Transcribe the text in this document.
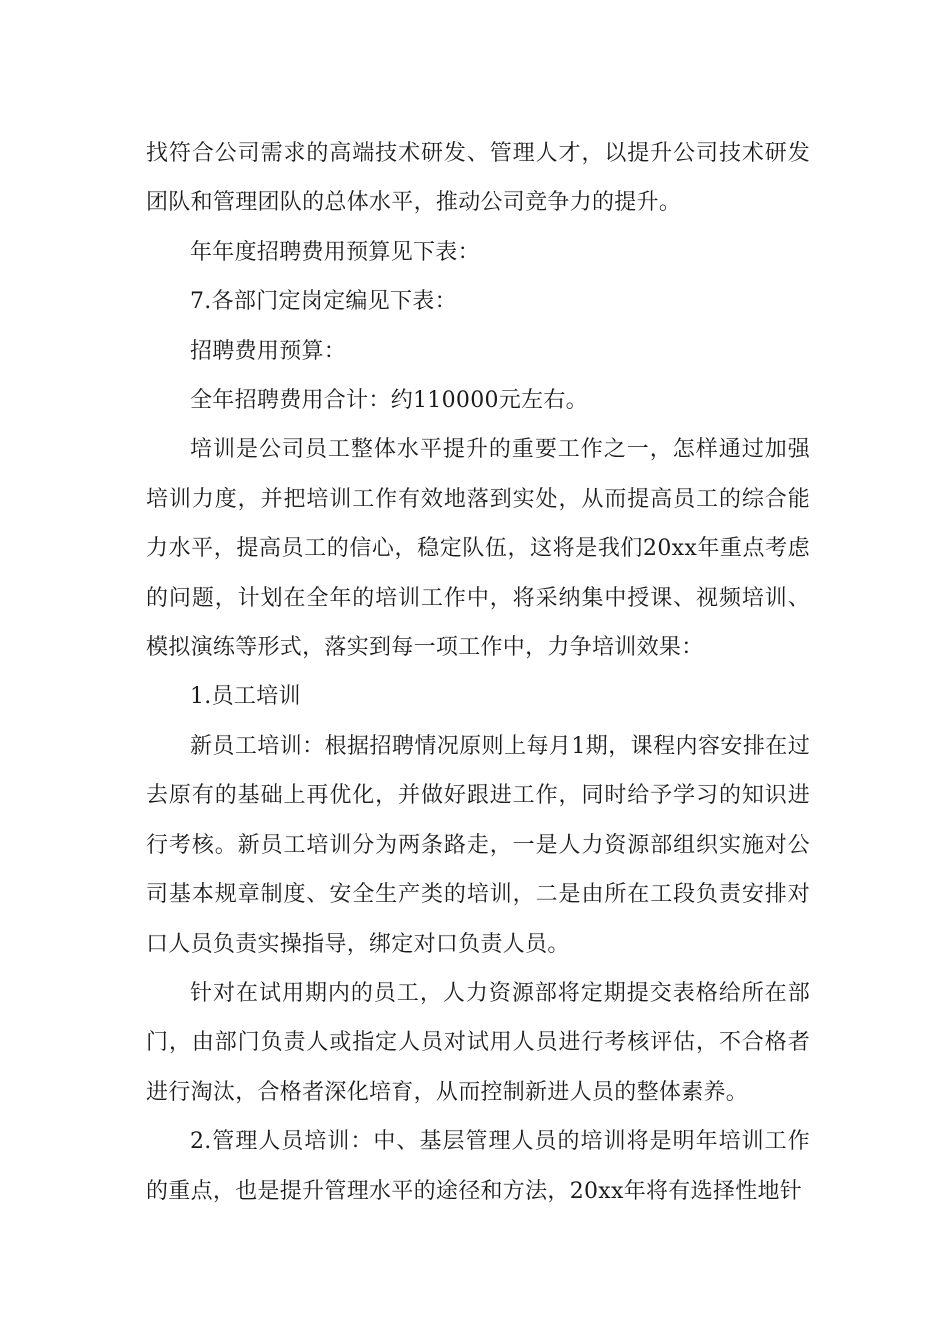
找符合公司需求的高端技术研发、管理人才，以提升公司技术研发团队和管理团队的总体水平，推动公司竞争力的提升。

年年度招聘费用预算见下表：

7.各部门定岗定编见下表：

招聘费用预算：

全年招聘费用合计：约110000元左右。

培训是公司员工整体水平提升的重要工作之一，怎样通过加强培训力度，并把培训工作有效地落到实处，从而提高员工的综合能力水平，提高员工的信心，稳定队伍，这将是我们20xx年重点考虑的问题，计划在全年的培训工作中，将采纳集中授课、视频培训、模拟演练等形式，落实到每一项工作中，力争培训效果：

1.员工培训

新员工培训：根据招聘情况原则上每月1期，课程内容安排在过去原有的基础上再优化，并做好跟进工作，同时给予学习的知识进行考核。新员工培训分为两条路走，一是人力资源部组织实施对公司基本规章制度、安全生产类的培训，二是由所在工段负责安排对口人员负责实操指导，绑定对口负责人员。

针对在试用期内的员工，人力资源部将定期提交表格给所在部门，由部门负责人或指定人员对试用人员进行考核评估，不合格者进行淘汰，合格者深化培育，从而控制新进人员的整体素养。

2.管理人员培训：中、基层管理人员的培训将是明年培训工作的重点，也是提升管理水平的途径和方法，20xx年将有选择性地针
